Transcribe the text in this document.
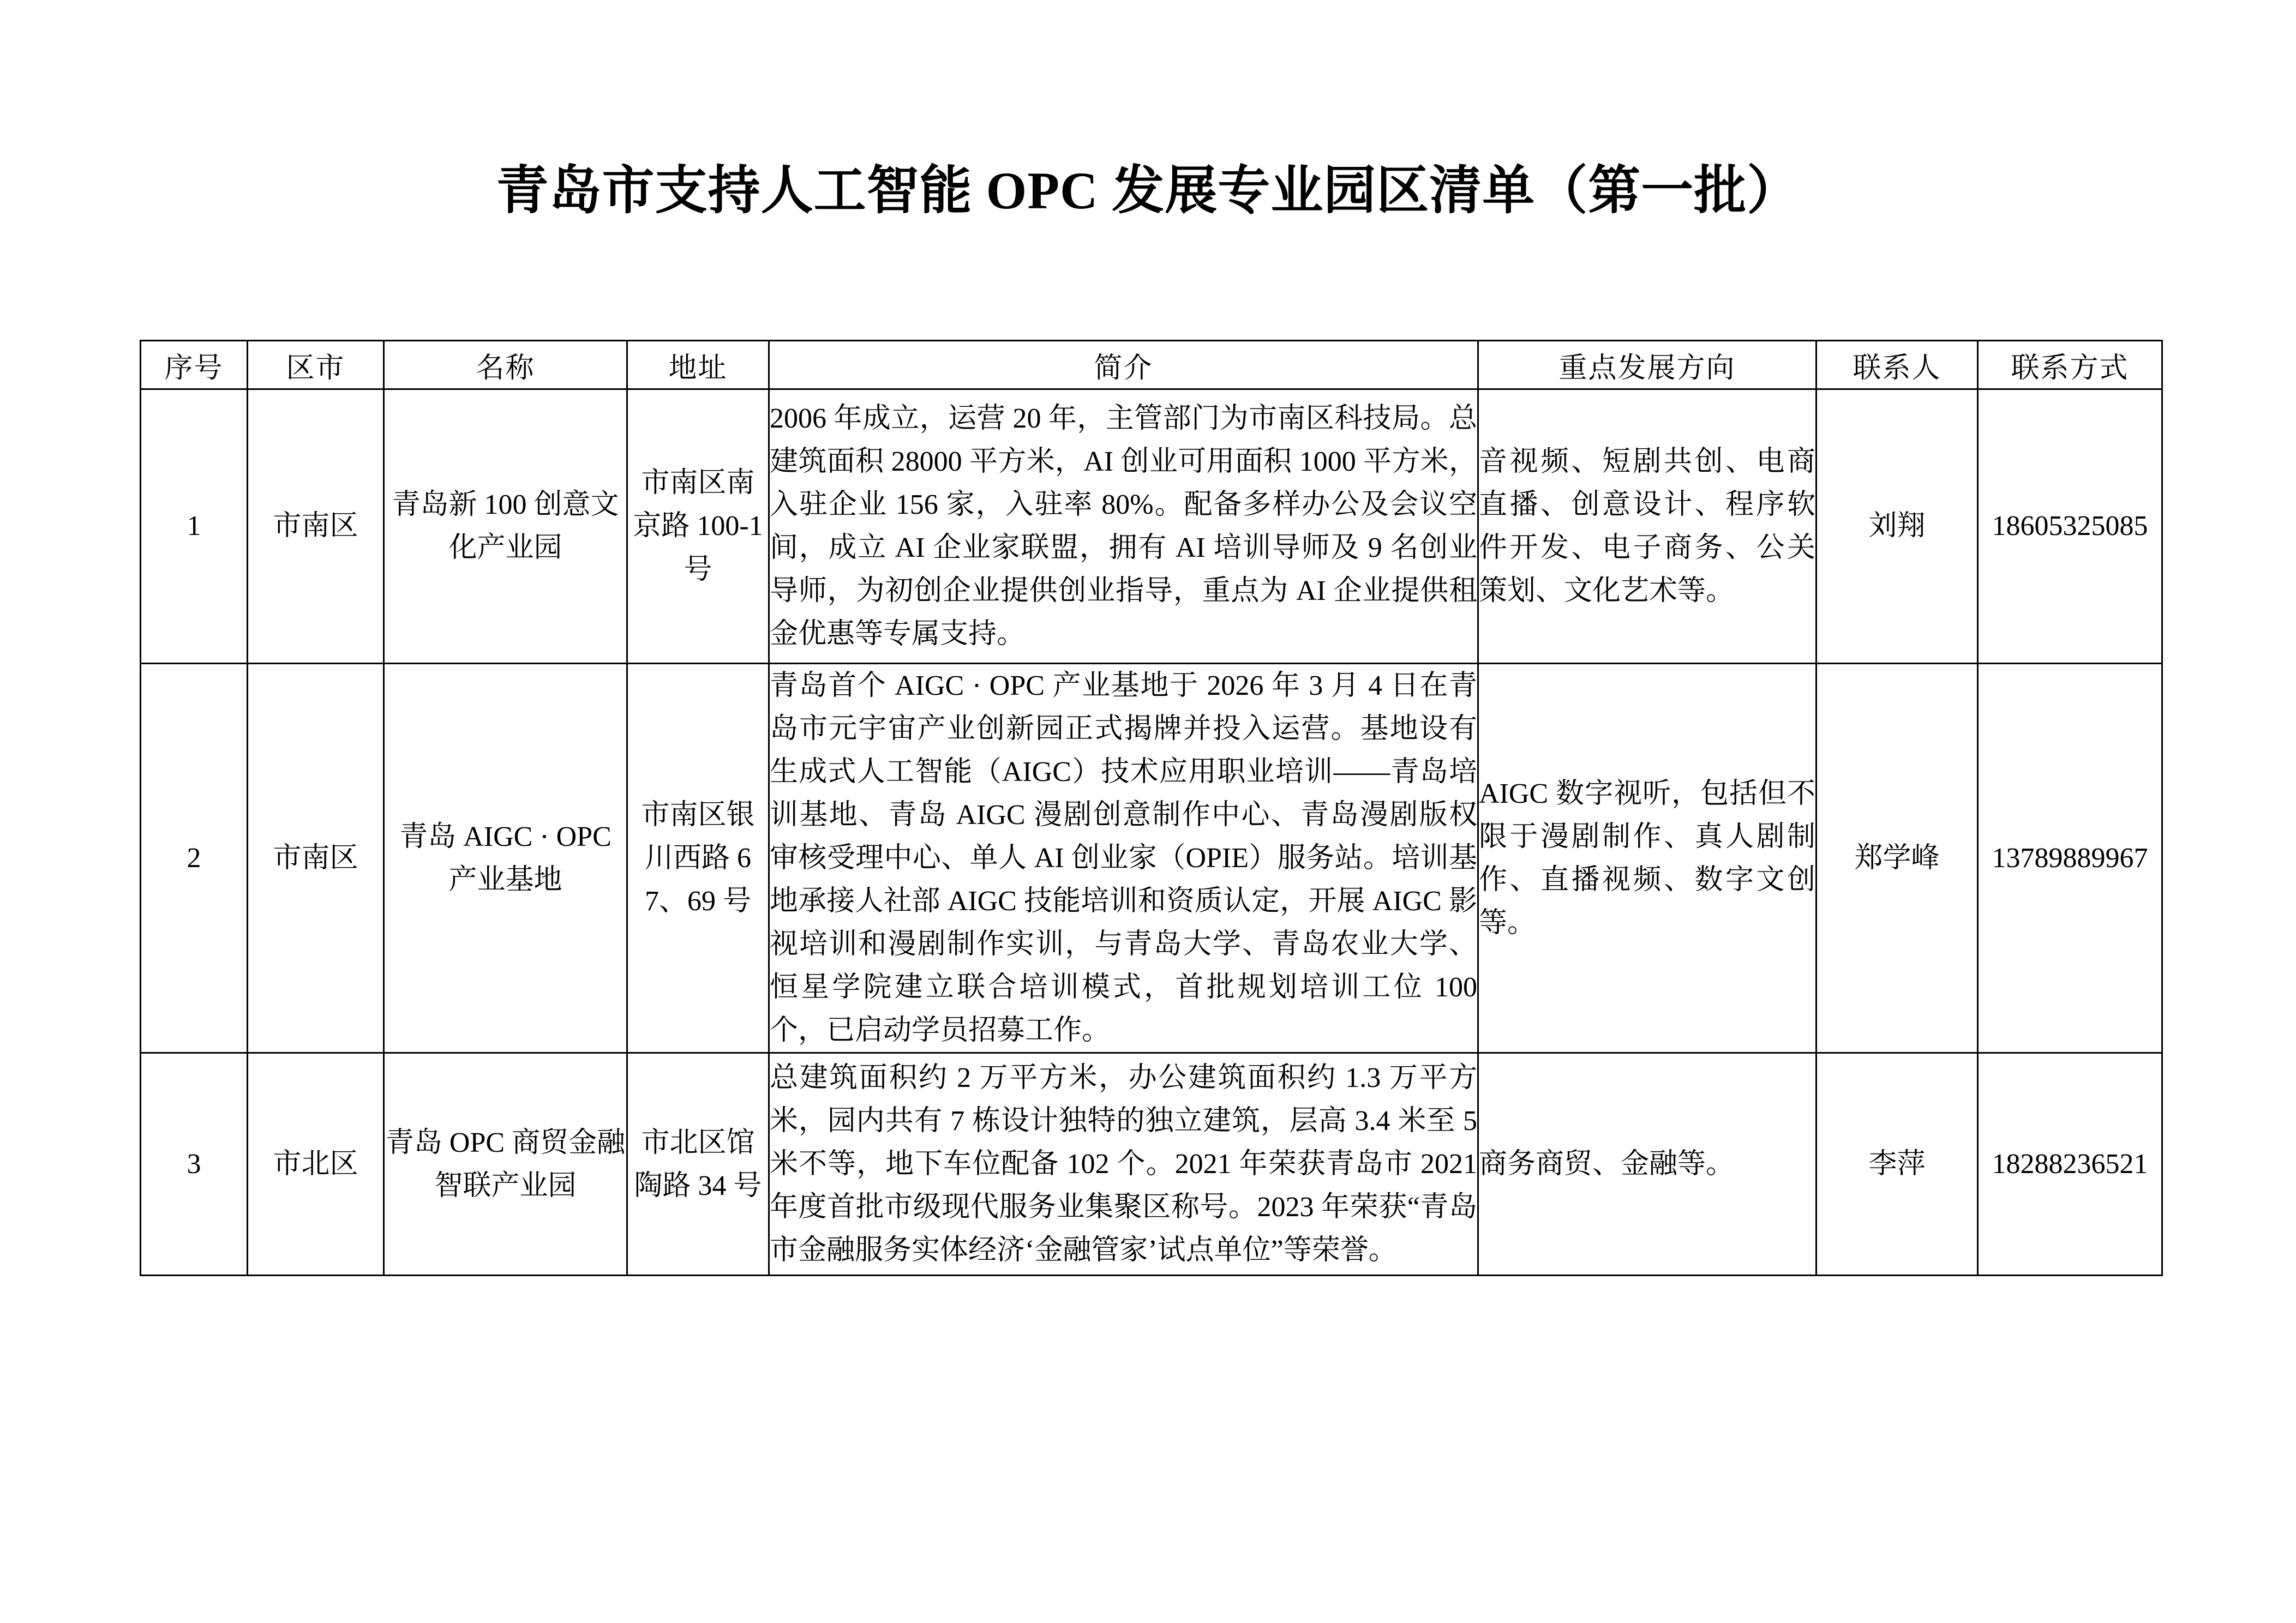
青岛市支持人工智能 OPC 发展专业园区清单（第一批）
序号	区市	名称	地址	简介	重点发展方向	联系人	联系方式
1	市南区	青岛新 100 创意文化产业园	市南区南京路 100-1 号	2006 年成立，运营 20 年，主管部门为市南区科技局。总建筑面积 28000 平方米，AI 创业可用面积 1000 平方米，入驻企业 156 家，入驻率 80%。配备多样办公及会议空间，成立 AI 企业家联盟，拥有 AI 培训导师及 9 名创业导师，为初创企业提供创业指导，重点为 AI 企业提供租金优惠等专属支持。	音视频、短剧共创、电商直播、创意设计、程序软件开发、电子商务、公关策划、文化艺术等。	刘翔	18605325085
2	市南区	青岛 AIGC · OPC 产业基地	市南区银川西路 67、69 号	青岛首个 AIGC · OPC 产业基地于 2026 年 3 月 4 日在青岛市元宇宙产业创新园正式揭牌并投入运营。基地设有生成式人工智能（AIGC）技术应用职业培训——青岛培训基地、青岛 AIGC 漫剧创意制作中心、青岛漫剧版权审核受理中心、单人 AI 创业家（OPIE）服务站。培训基地承接人社部 AIGC 技能培训和资质认定，开展 AIGC 影视培训和漫剧制作实训，与青岛大学、青岛农业大学、恒星学院建立联合培训模式，首批规划培训工位 100 个，已启动学员招募工作。	AIGC 数字视听，包括但不限于漫剧制作、真人剧制作、直播视频、数字文创等。	郑学峰	13789889967
3	市北区	青岛 OPC 商贸金融智联产业园	市北区馆陶路 34 号	总建筑面积约 2 万平方米，办公建筑面积约 1.3 万平方米，园内共有 7 栋设计独特的独立建筑，层高 3.4 米至 5 米不等，地下车位配备 102 个。2021 年荣获青岛市 2021 年度首批市级现代服务业集聚区称号。2023 年荣获“青岛市金融服务实体经济‘金融管家’试点单位”等荣誉。	商务商贸、金融等。	李萍	18288236521
